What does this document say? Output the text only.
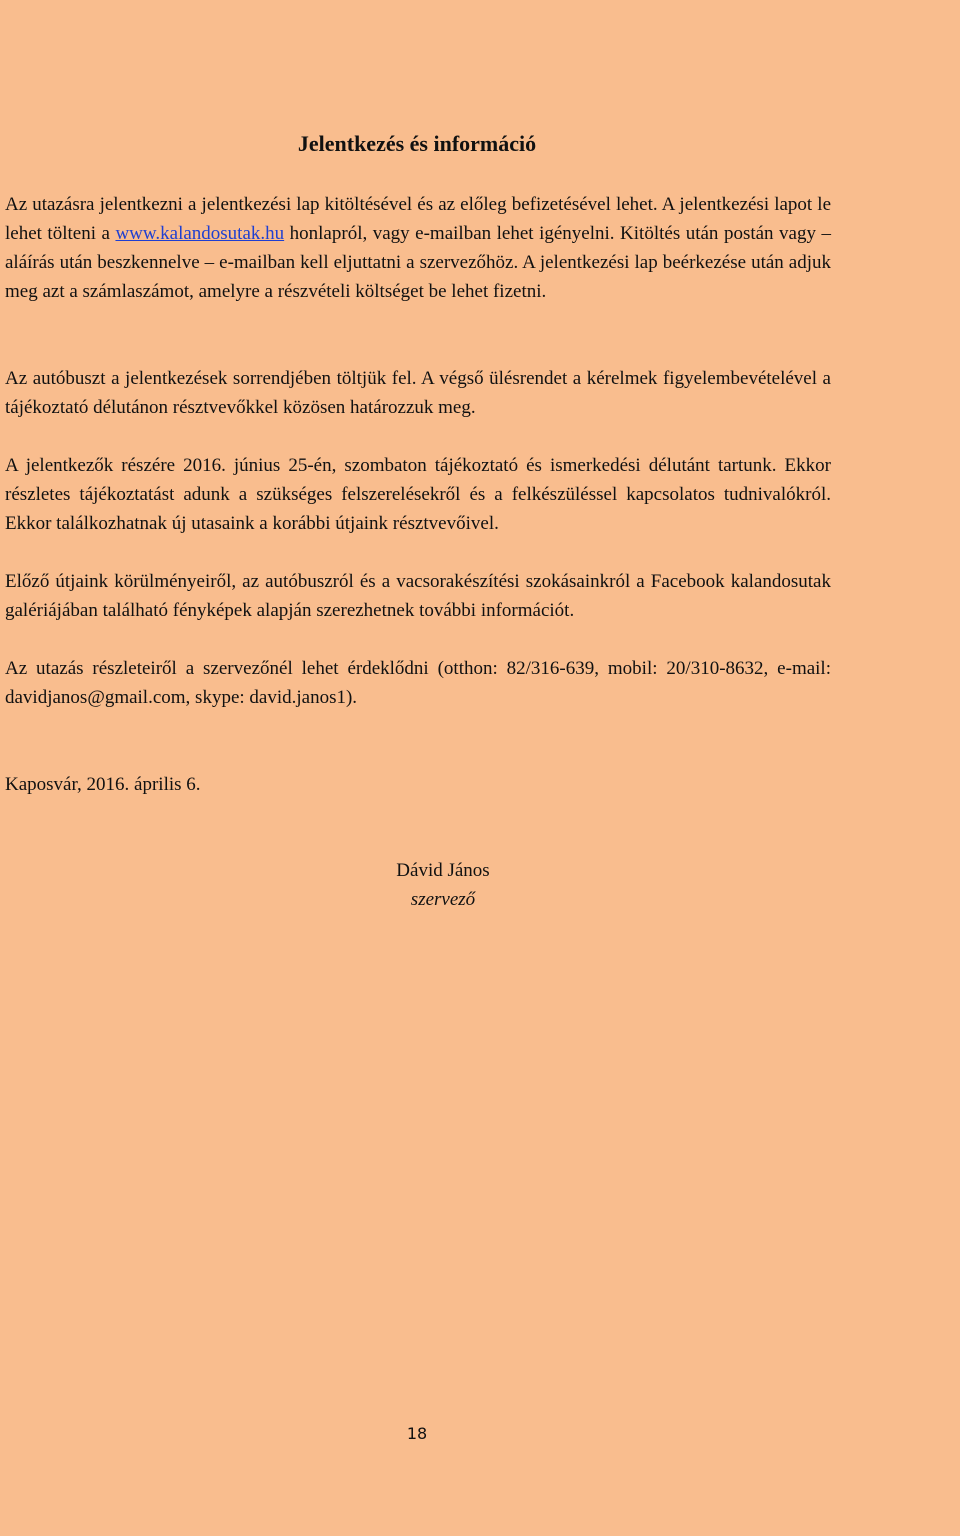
Jelentkezés és információ

Az utazásra jelentkezni a jelentkezési lap kitöltésével és az előleg befizetésével lehet. A jelentkezési lapot le lehet tölteni a www.kalandosutak.hu honlapról, vagy e-mailban lehet igényelni. Kitöltés után postán vagy – aláírás után beszkennelve – e-mailban kell eljuttatni a szervezőhöz. A jelentkezési lap beérkezése után adjuk meg azt a számlaszámot, amelyre a részvételi költséget be lehet fizetni.

Az autóbuszt a jelentkezések sorrendjében töltjük fel. A végső ülésrendet a kérelmek figyelembevételével a tájékoztató délutánon résztvevőkkel közösen határozzuk meg.

A jelentkezők részére 2016. június 25-én, szombaton tájékoztató és ismerkedési délutánt tartunk. Ekkor részletes tájékoztatást adunk a szükséges felszerelésekről és a felkészüléssel kapcsolatos tudnivalókról. Ekkor találkozhatnak új utasaink a korábbi útjaink résztvevőivel.

Előző útjaink körülményeiről, az autóbuszról és a vacsorakészítési szokásainkról a Facebook kalandosutak galériájában található fényképek alapján szerezhetnek további információt.

Az utazás részleteiről a szervezőnél lehet érdeklődni (otthon: 82/316-639, mobil: 20/310-8632, e-mail: davidjanos@gmail.com, skype: david.janos1).

Kaposvár, 2016. április 6.

Dávid János
szervező
18
